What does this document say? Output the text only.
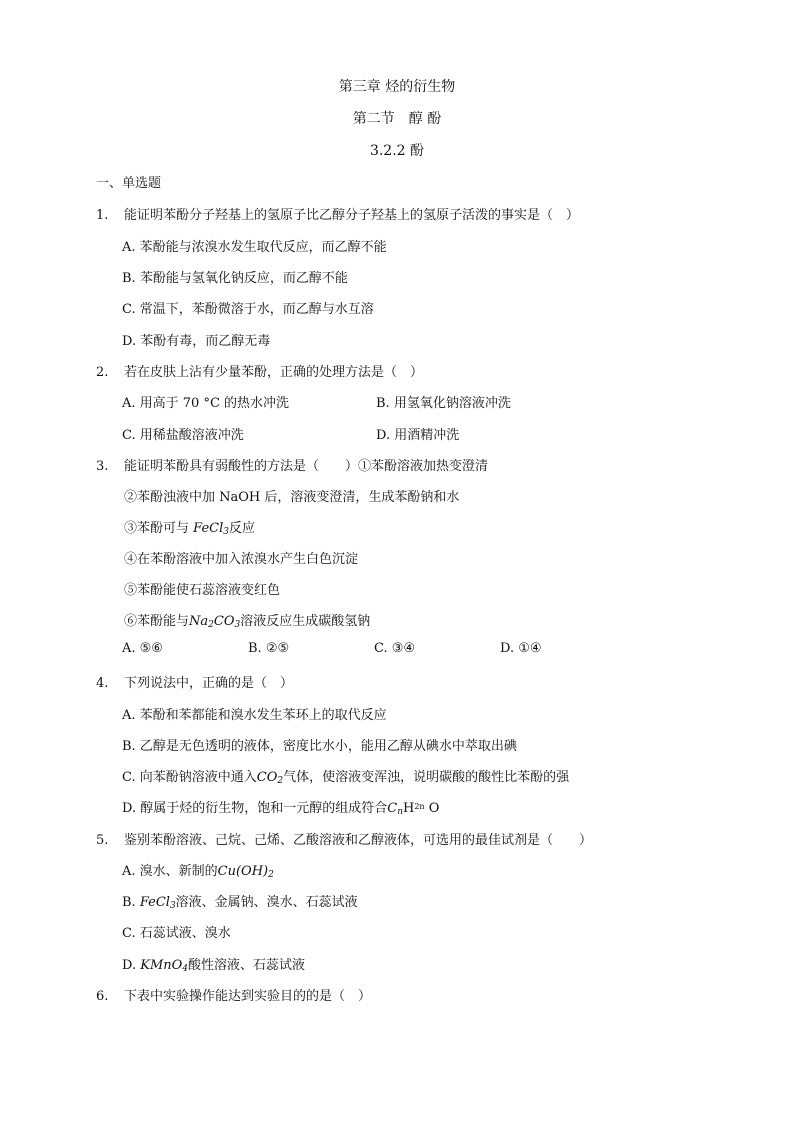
第三章 烃的衍生物
第二节　醇 酚
3.2.2 酚
一、单选题
1. 能证明苯酚分子羟基上的氢原子比乙醇分子羟基上的氢原子活泼的事实是（　）
A. 苯酚能与浓溴水发生取代反应，而乙醇不能
B. 苯酚能与氢氧化钠反应，而乙醇不能
C. 常温下，苯酚微溶于水，而乙醇与水互溶
D. 苯酚有毒，而乙醇无毒
2. 若在皮肤上沾有少量苯酚，正确的处理方法是（　）
A. 用高于 70 °C 的热水冲洗	B. 用氢氧化钠溶液冲洗
C. 用稀盐酸溶液冲洗	D. 用酒精冲洗
3. 能证明苯酚具有弱酸性的方法是（　　）①苯酚溶液加热变澄清
②苯酚浊液中加 NaOH 后，溶液变澄清，生成苯酚钠和水
③苯酚可与 FeCl3反应
④在苯酚溶液中加入浓溴水产生白色沉淀
⑤苯酚能使石蕊溶液变红色
⑥苯酚能与Na2CO3溶液反应生成碳酸氢钠
A. ⑤⑥	B. ②⑤	C. ③④	D. ①④
4. 下列说法中，正确的是（　）
A. 苯酚和苯都能和溴水发生苯环上的取代反应
B. 乙醇是无色透明的液体，密度比水小，能用乙醇从碘水中萃取出碘
C. 向苯酚钠溶液中通入CO2气体，使溶液变浑浊，说明碳酸的酸性比苯酚的强
D. 醇属于烃的衍生物，饱和一元醇的组成符合CnH$^{2n}$ O
5. 鉴别苯酚溶液、己烷、己烯、乙酸溶液和乙醇液体，可选用的最佳试剂是（　　）
A. 溴水、新制的Cu(OH)2
B. FeCl3溶液、金属钠、溴水、石蕊试液
C. 石蕊试液、溴水
D. KMnO4酸性溶液、石蕊试液
6. 下表中实验操作能达到实验目的的是（　）
